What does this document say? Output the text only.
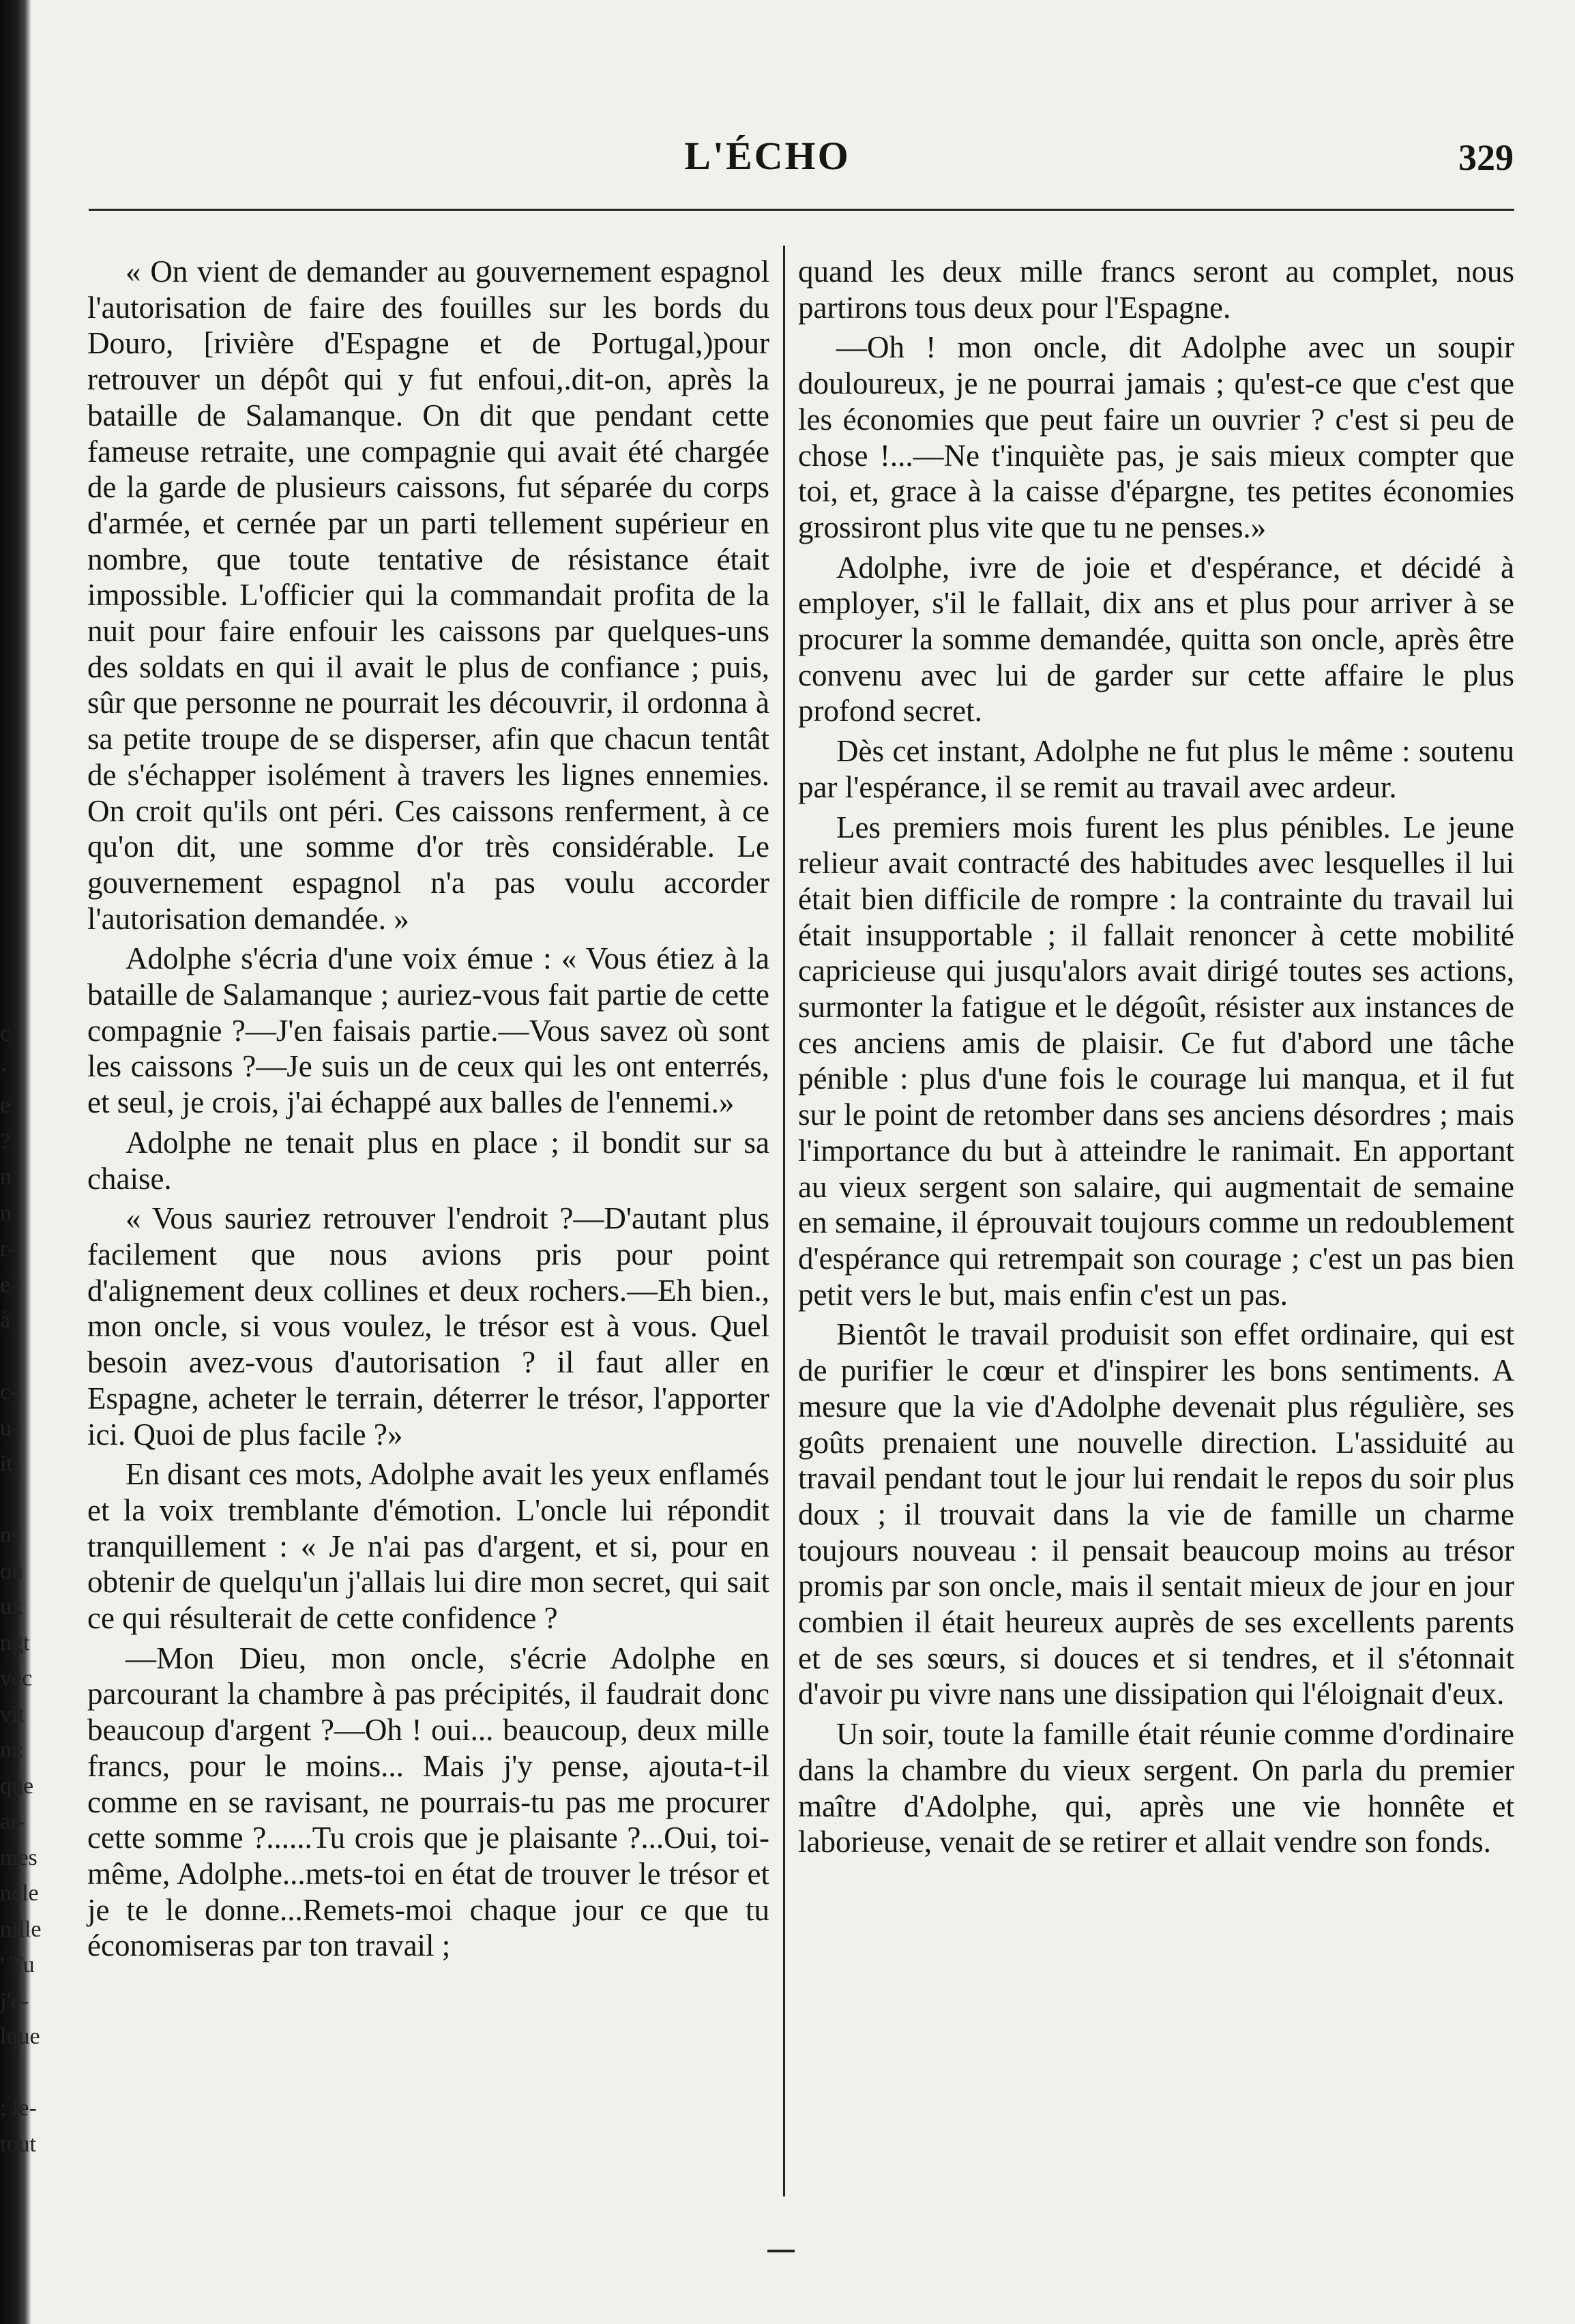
c
·
e
?
n
n
r-
e-
à

c-
u-
it,

ns
on
ux
ngt
vec
vit
nt:
que
ar-
mes
ncle
nille
' Tu
j'é-
lque

; le-
tout
L'ÉCHO	329

« On vient de demander au gouvernement espagnol l'autorisation de faire des fouilles sur les bords du Douro, [rivière d'Espagne et de Portugal,)pour retrouver un dépôt qui y fut enfoui,.dit-on, après la bataille de Salamanque. On dit que pendant cette fameuse retraite, une compagnie qui avait été chargée de la garde de plusieurs caissons, fut séparée du corps d'armée, et cernée par un parti tellement supérieur en nombre, que toute tentative de résistance était impossible. L'officier qui la commandait profita de la nuit pour faire enfouir les caissons par quelques-uns des soldats en qui il avait le plus de confiance ; puis, sûr que personne ne pourrait les découvrir, il ordonna à sa petite troupe de se disperser, afin que chacun tentât de s'échapper isolément à travers les lignes ennemies. On croit qu'ils ont péri. Ces caissons renferment, à ce qu'on dit, une somme d'or très considérable. Le gouvernement espagnol n'a pas voulu accorder l'autorisation demandée. »

Adolphe s'écria d'une voix émue : « Vous étiez à la bataille de Salamanque ; auriez-vous fait partie de cette compagnie ?—J'en faisais partie.—Vous savez où sont les caissons ?—Je suis un de ceux qui les ont enterrés, et seul, je crois, j'ai échappé aux balles de l'ennemi.»

Adolphe ne tenait plus en place ; il bondit sur sa chaise.

« Vous sauriez retrouver l'endroit ?—D'autant plus facilement que nous avions pris pour point d'alignement deux collines et deux rochers.—Eh bien., mon oncle, si vous voulez, le trésor est à vous. Quel besoin avez-vous d'autorisation ? il faut aller en Espagne, acheter le terrain, déterrer le trésor, l'apporter ici. Quoi de plus facile ?»

En disant ces mots, Adolphe avait les yeux enflamés et la voix tremblante d'émotion. L'oncle lui répondit tranquillement : « Je n'ai pas d'argent, et si, pour en obtenir de quelqu'un j'allais lui dire mon secret, qui sait ce qui résulterait de cette confidence ?

—Mon Dieu, mon oncle, s'écrie Adolphe en parcourant la chambre à pas précipités, il faudrait donc beaucoup d'argent ?—Oh ! oui... beaucoup, deux mille francs, pour le moins... Mais j'y pense, ajouta-t-il comme en se ravisant, ne pourrais-tu pas me procurer cette somme ?......Tu crois que je plaisante ?...Oui, toi-même, Adolphe...mets-toi en état de trouver le trésor et je te le donne...Remets-moi chaque jour ce que tu économiseras par ton travail ;

quand les deux mille francs seront au complet, nous partirons tous deux pour l'Espagne.

—Oh ! mon oncle, dit Adolphe avec un soupir douloureux, je ne pourrai jamais ; qu'est-ce que c'est que les économies que peut faire un ouvrier ? c'est si peu de chose !...—Ne t'inquiète pas, je sais mieux compter que toi, et, grace à la caisse d'épargne, tes petites économies grossiront plus vite que tu ne penses.»

Adolphe, ivre de joie et d'espérance, et décidé à employer, s'il le fallait, dix ans et plus pour arriver à se procurer la somme demandée, quitta son oncle, après être convenu avec lui de garder sur cette affaire le plus profond secret.

Dès cet instant, Adolphe ne fut plus le même : soutenu par l'espérance, il se remit au travail avec ardeur.

Les premiers mois furent les plus pénibles. Le jeune relieur avait contracté des habitudes avec lesquelles il lui était bien difficile de rompre : la contrainte du travail lui était insupportable ; il fallait renoncer à cette mobilité capricieuse qui jusqu'alors avait dirigé toutes ses actions, surmonter la fatigue et le dégoût, résister aux instances de ces anciens amis de plaisir. Ce fut d'abord une tâche pénible : plus d'une fois le courage lui manqua, et il fut sur le point de retomber dans ses anciens désordres ; mais l'importance du but à atteindre le ranimait. En apportant au vieux sergent son salaire, qui augmentait de semaine en semaine, il éprouvait toujours comme un redoublement d'espérance qui retrempait son courage ; c'est un pas bien petit vers le but, mais enfin c'est un pas.

Bientôt le travail produisit son effet ordinaire, qui est de purifier le cœur et d'inspirer les bons sentiments. A mesure que la vie d'Adolphe devenait plus régulière, ses goûts prenaient une nouvelle direction. L'assiduité au travail pendant tout le jour lui rendait le repos du soir plus doux ; il trouvait dans la vie de famille un charme toujours nouveau : il pensait beaucoup moins au trésor promis par son oncle, mais il sentait mieux de jour en jour combien il était heureux auprès de ses excellents parents et de ses sœurs, si douces et si tendres, et il s'étonnait d'avoir pu vivre nans une dissipation qui l'éloignait d'eux.

Un soir, toute la famille était réunie comme d'ordinaire dans la chambre du vieux sergent. On parla du premier maître d'Adolphe, qui, après une vie honnête et laborieuse, venait de se retirer et allait vendre son fonds.
